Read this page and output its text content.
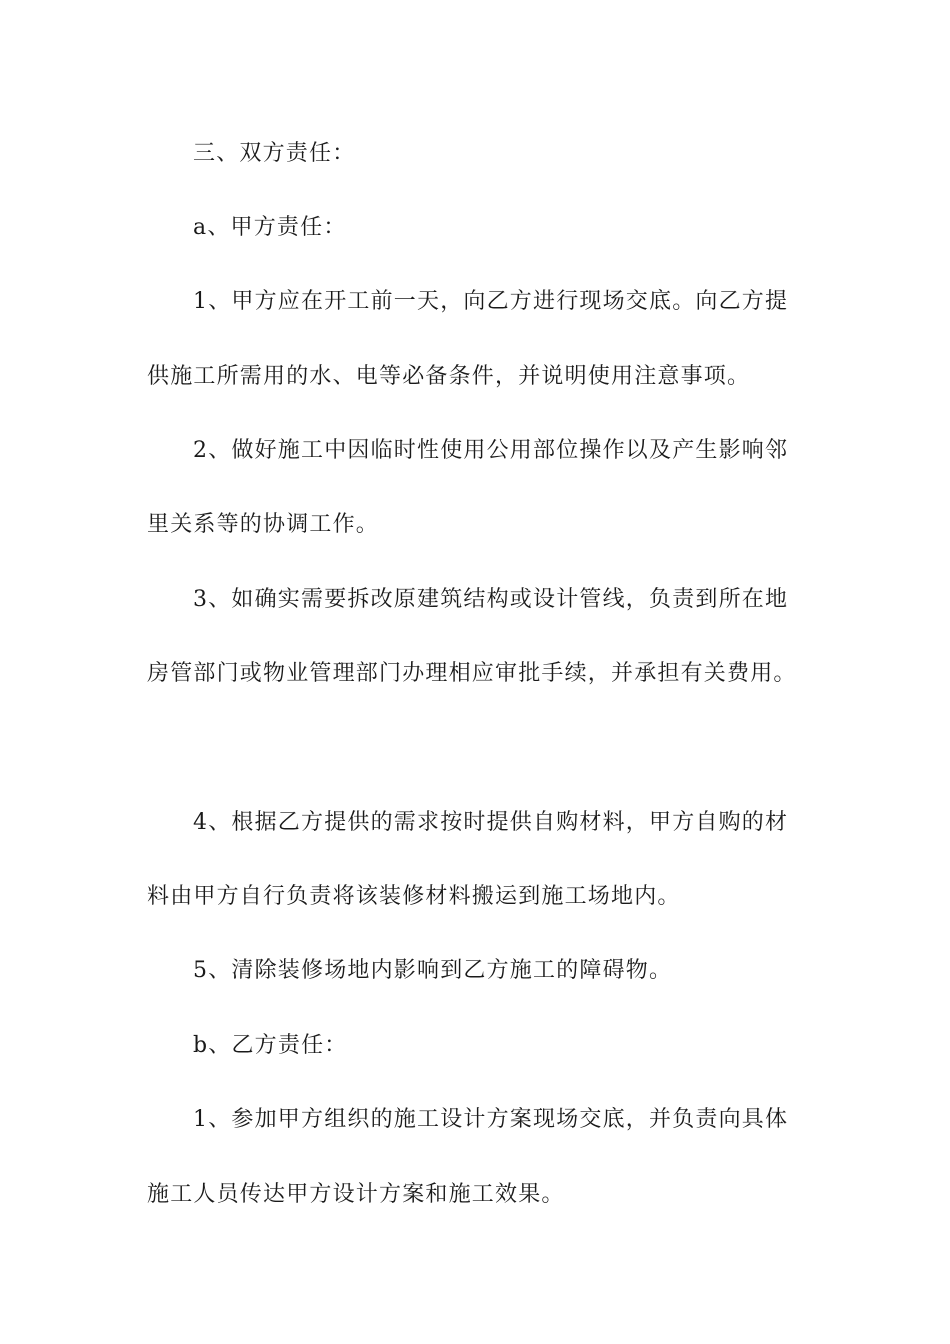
三、双方责任：
a、甲方责任：
1、甲方应在开工前一天，向乙方进行现场交底。向乙方提
供施工所需用的水、电等必备条件，并说明使用注意事项。
2、做好施工中因临时性使用公用部位操作以及产生影响邻
里关系等的协调工作。
3、如确实需要拆改原建筑结构或设计管线，负责到所在地
房管部门或物业管理部门办理相应审批手续，并承担有关费用。
4、根据乙方提供的需求按时提供自购材料，甲方自购的材
料由甲方自行负责将该装修材料搬运到施工场地内。
5、清除装修场地内影响到乙方施工的障碍物。
b、乙方责任：
1、参加甲方组织的施工设计方案现场交底，并负责向具体
施工人员传达甲方设计方案和施工效果。
